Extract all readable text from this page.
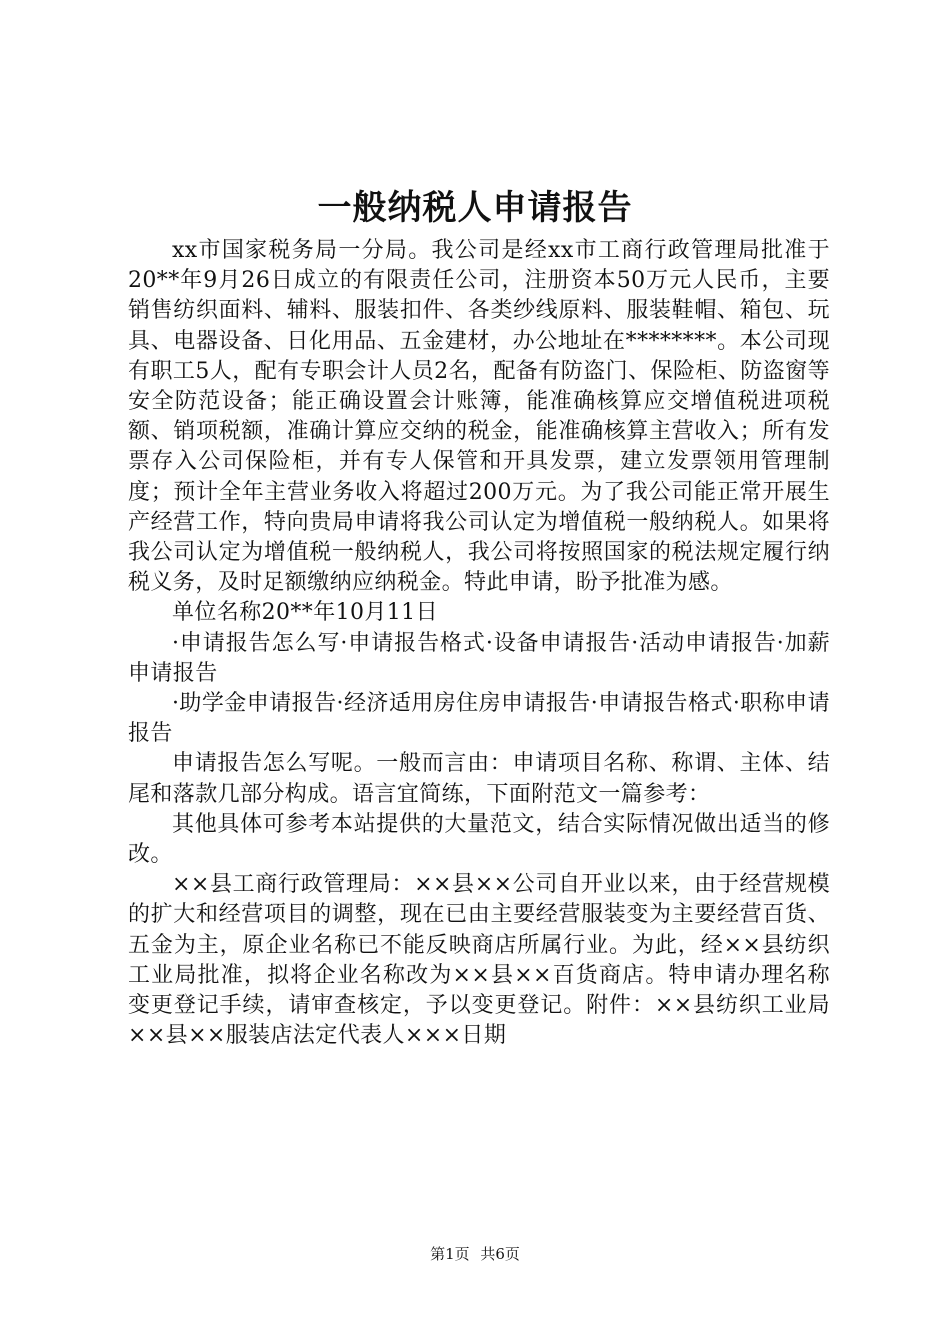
一般纳税人申请报告

xx市国家税务局一分局。我公司是经xx市工商行政管理局批准于20**年9月26日成立的有限责任公司，注册资本50万元人民币，主要销售纺织面料、辅料、服装扣件、各类纱线原料、服装鞋帽、箱包、玩具、电器设备、日化用品、五金建材，办公地址在********。本公司现有职工5人，配有专职会计人员2名，配备有防盗门、保险柜、防盗窗等安全防范设备；能正确设置会计账簿，能准确核算应交增值税进项税额、销项税额，准确计算应交纳的税金，能准确核算主营收入；所有发票存入公司保险柜，并有专人保管和开具发票，建立发票领用管理制度；预计全年主营业务收入将超过200万元。为了我公司能正常开展生产经营工作，特向贵局申请将我公司认定为增值税一般纳税人。如果将我公司认定为增值税一般纳税人，我公司将按照国家的税法规定履行纳税义务，及时足额缴纳应纳税金。特此申请，盼予批准为感。

单位名称20**年10月11日

·申请报告怎么写·申请报告格式·设备申请报告·活动申请报告·加薪申请报告

·助学金申请报告·经济适用房住房申请报告·申请报告格式·职称申请报告

申请报告怎么写呢。一般而言由：申请项目名称、称谓、主体、结尾和落款几部分构成。语言宜简练，下面附范文一篇参考：

其他具体可参考本站提供的大量范文，结合实际情况做出适当的修改。

××县工商行政管理局：××县××公司自开业以来，由于经营规模的扩大和经营项目的调整，现在已由主要经营服装变为主要经营百货、五金为主，原企业名称已不能反映商店所属行业。为此，经××县纺织工业局批准，拟将企业名称改为××县××百货商店。特申请办理名称变更登记手续，请审查核定，予以变更登记。附件：××县纺织工业局××县××服装店法定代表人×××日期

第1页 共6页
